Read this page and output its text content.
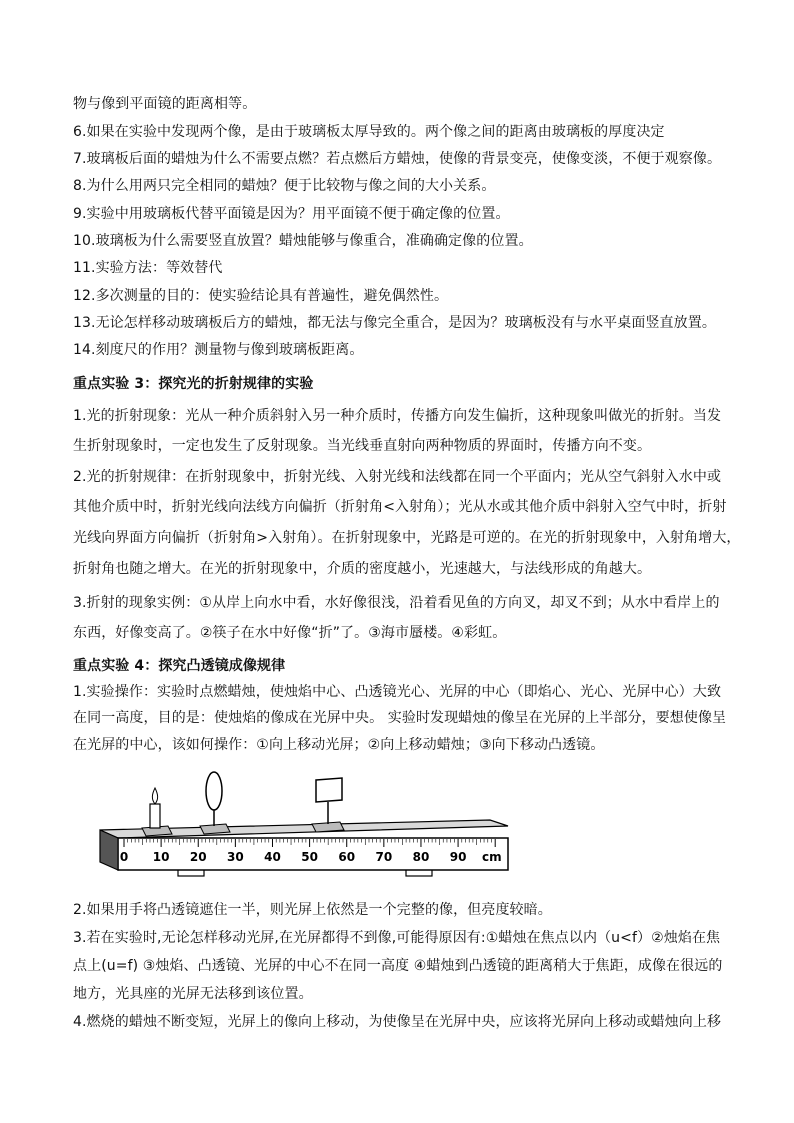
物与像到平面镜的距离相等。
6.如果在实验中发现两个像，是由于玻璃板太厚导致的。两个像之间的距离由玻璃板的厚度决定
7.玻璃板后面的蜡烛为什么不需要点燃？若点燃后方蜡烛，使像的背景变亮，使像变淡，不便于观察像。
8.为什么用两只完全相同的蜡烛？便于比较物与像之间的大小关系。
9.实验中用玻璃板代替平面镜是因为？用平面镜不便于确定像的位置。
10.玻璃板为什么需要竖直放置？蜡烛能够与像重合，准确确定像的位置。
11.实验方法：等效替代
12.多次测量的目的：使实验结论具有普遍性，避免偶然性。
13.无论怎样移动玻璃板后方的蜡烛，都无法与像完全重合，是因为？玻璃板没有与水平桌面竖直放置。
14.刻度尺的作用？测量物与像到玻璃板距离。
重点实验 3：探究光的折射规律的实验
1.光的折射现象：光从一种介质斜射入另一种介质时，传播方向发生偏折，这种现象叫做光的折射。当发
生折射现象时，一定也发生了反射现象。当光线垂直射向两种物质的界面时，传播方向不变。
2.光的折射规律：在折射现象中，折射光线、入射光线和法线都在同一个平面内；光从空气斜射入水中或
其他介质中时，折射光线向法线方向偏折（折射角<入射角）；光从水或其他介质中斜射入空气中时，折射
光线向界面方向偏折（折射角>入射角）。在折射现象中，光路是可逆的。在光的折射现象中，入射角增大，
折射角也随之增大。在光的折射现象中，介质的密度越小，光速越大，与法线形成的角越大。
3.折射的现象实例：①从岸上向水中看，水好像很浅，沿着看见鱼的方向叉，却叉不到；从水中看岸上的
东西，好像变高了。②筷子在水中好像“折”了。③海市蜃楼。④彩虹。
重点实验 4：探究凸透镜成像规律
1.实验操作：实验时点燃蜡烛，使烛焰中心、凸透镜光心、光屏的中心（即焰心、光心、光屏中心）大致
在同一高度，目的是：使烛焰的像成在光屏中央。 实验时发现蜡烛的像呈在光屏的上半部分，要想使像呈
在光屏的中心，该如何操作：①向上移动光屏；②向上移动蜡烛；③向下移动凸透镜。
0 10 20 30 40 50 60 70 80 90 cm
2.如果用手将凸透镜遮住一半，则光屏上依然是一个完整的像，但亮度较暗。
3.若在实验时,无论怎样移动光屏,在光屏都得不到像,可能得原因有:①蜡烛在焦点以内（u<f）②烛焰在焦
点上(u=f) ③烛焰、凸透镜、光屏的中心不在同一高度 ④蜡烛到凸透镜的距离稍大于焦距，成像在很远的
地方，光具座的光屏无法移到该位置。
4.燃烧的蜡烛不断变短，光屏上的像向上移动，为使像呈在光屏中央，应该将光屏向上移动或蜡烛向上移
